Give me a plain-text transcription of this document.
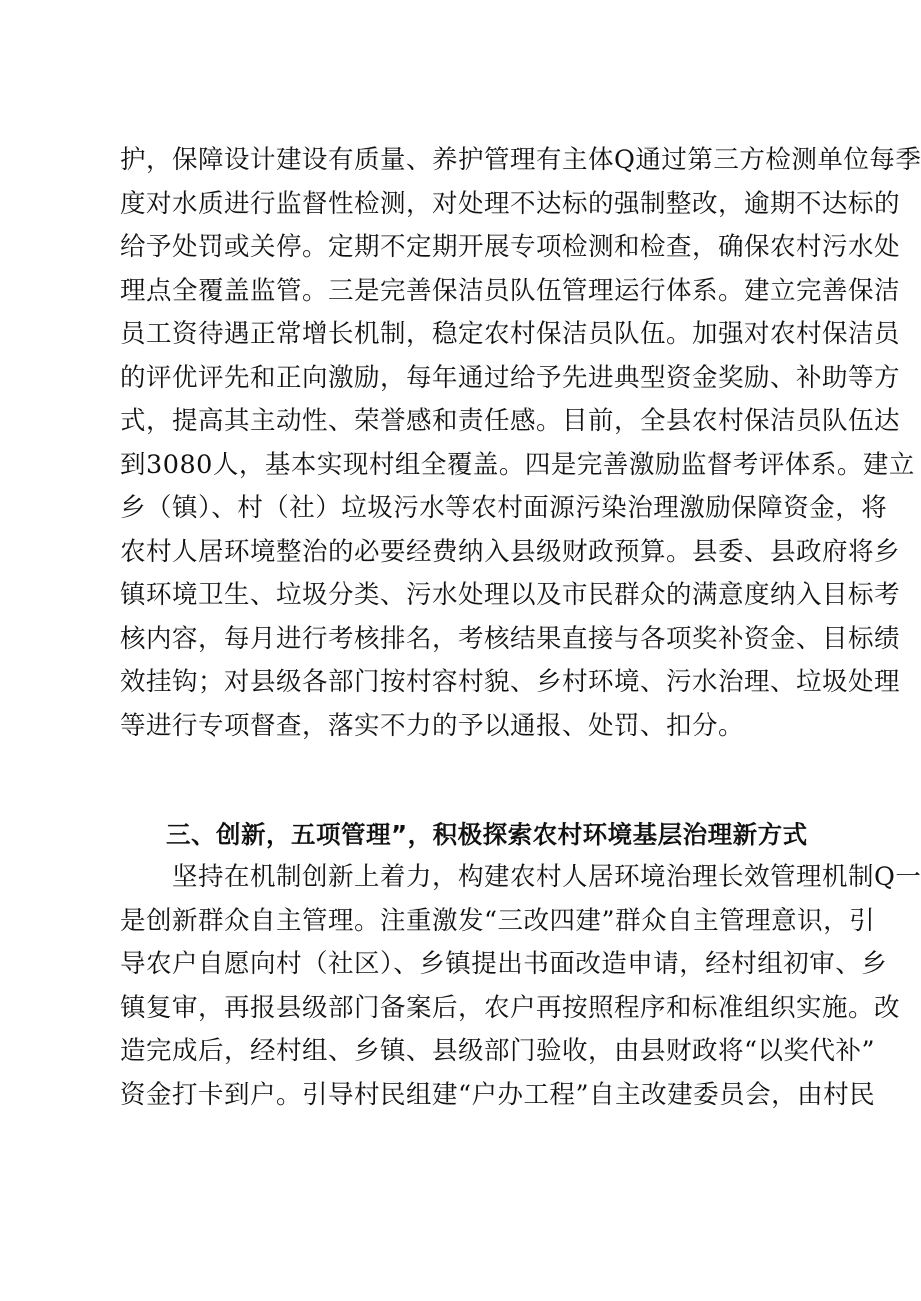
护，保障设计建设有质量、养护管理有主体Q通过第三方检测单位每季
度对水质进行监督性检测，对处理不达标的强制整改，逾期不达标的
给予处罚或关停。定期不定期开展专项检测和检查，确保农村污水处
理点全覆盖监管。三是完善保洁员队伍管理运行体系。建立完善保洁
员工资待遇正常增长机制，稳定农村保洁员队伍。加强对农村保洁员
的评优评先和正向激励，每年通过给予先进典型资金奖励、补助等方
式，提高其主动性、荣誉感和责任感。目前，全县农村保洁员队伍达
到3080人，基本实现村组全覆盖。四是完善激励监督考评体系。建立
乡（镇）、村（社）垃圾污水等农村面源污染治理激励保障资金，将
农村人居环境整治的必要经费纳入县级财政预算。县委、县政府将乡
镇环境卫生、垃圾分类、污水处理以及市民群众的满意度纳入目标考
核内容，每月进行考核排名，考核结果直接与各项奖补资金、目标绩
效挂钩；对县级各部门按村容村貌、乡村环境、污水治理、垃圾处理
等进行专项督查，落实不力的予以通报、处罚、扣分。
三、创新，五项管理”，积极探索农村环境基层治理新方式
坚持在机制创新上着力，构建农村人居环境治理长效管理机制Q一
是创新群众自主管理。注重激发“三改四建”群众自主管理意识，引
导农户自愿向村（社区）、乡镇提出书面改造申请，经村组初审、乡
镇复审，再报县级部门备案后，农户再按照程序和标准组织实施。改
造完成后，经村组、乡镇、县级部门验收，由县财政将“以奖代补”
资金打卡到户。引导村民组建“户办工程”自主改建委员会，由村民
